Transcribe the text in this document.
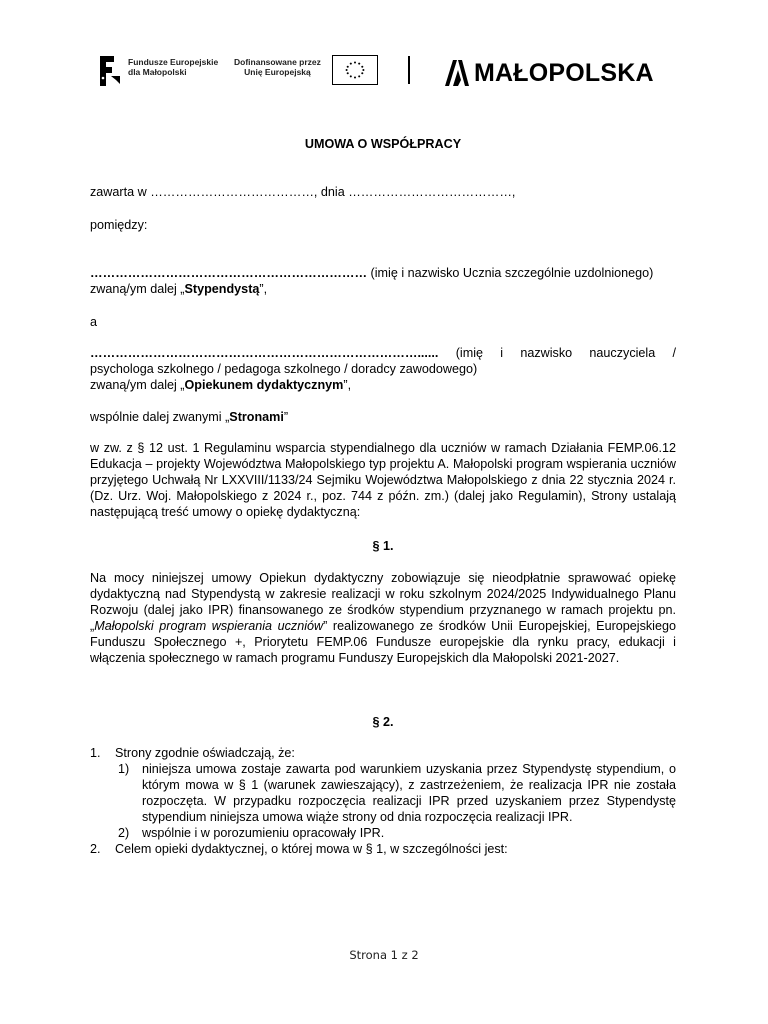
Fundusze Europejskie
dla Małopolski
Dofinansowane przez
Unię Europejską	MAŁOPOLSKA
UMOWA O WSPÓŁPRACY
zawarta w …………………………………, dnia …………………………………,
pomiędzy:
………………………………………………………… (imię i nazwisko Ucznia szczególnie uzdolnionego)
zwaną/ym dalej „Stypendystą”,
a
……………………………………………………………………...... (imię i nazwisko nauczyciela /
psychologa szkolnego / pedagoga szkolnego / doradcy zawodowego)
zwaną/ym dalej „Opiekunem dydaktycznym”,
wspólnie dalej zwanymi „Stronami”
w zw. z § 12 ust. 1 Regulaminu wsparcia stypendialnego dla uczniów w ramach Działania FEMP.06.12 Edukacja – projekty Województwa Małopolskiego typ projektu A. Małopolski program wspierania uczniów przyjętego Uchwałą Nr LXXVIII/1133/24 Sejmiku Województwa Małopolskiego z dnia 22 stycznia 2024 r. (Dz. Urz. Woj. Małopolskiego z 2024 r., poz. 744 z późn. zm.) (dalej jako Regulamin), Strony ustalają następującą treść umowy o opiekę dydaktyczną:
§ 1.
Na mocy niniejszej umowy Opiekun dydaktyczny zobowiązuje się nieodpłatnie sprawować opiekę dydaktyczną nad Stypendystą w zakresie realizacji w roku szkolnym 2024/2025 Indywidualnego Planu Rozwoju (dalej jako IPR) finansowanego ze środków stypendium przyznanego w ramach projektu pn. „Małopolski program wspierania uczniów” realizowanego ze środków Unii Europejskiej, Europejskiego Funduszu Społecznego +, Priorytetu FEMP.06 Fundusze europejskie dla rynku pracy, edukacji i włączenia społecznego w ramach programu Funduszy Europejskich dla Małopolski 2021-2027.
§ 2.
1. Strony zgodnie oświadczają, że:
1) niniejsza umowa zostaje zawarta pod warunkiem uzyskania przez Stypendystę stypendium, o którym mowa w § 1 (warunek zawieszający), z zastrzeżeniem, że realizacja IPR nie została rozpoczęta. W przypadku rozpoczęcia realizacji IPR przed uzyskaniem przez Stypendystę stypendium niniejsza umowa wiąże strony od dnia rozpoczęcia realizacji IPR.
2) wspólnie i w porozumieniu opracowały IPR.
2. Celem opieki dydaktycznej, o której mowa w § 1, w szczególności jest:
Strona 1 z 2
